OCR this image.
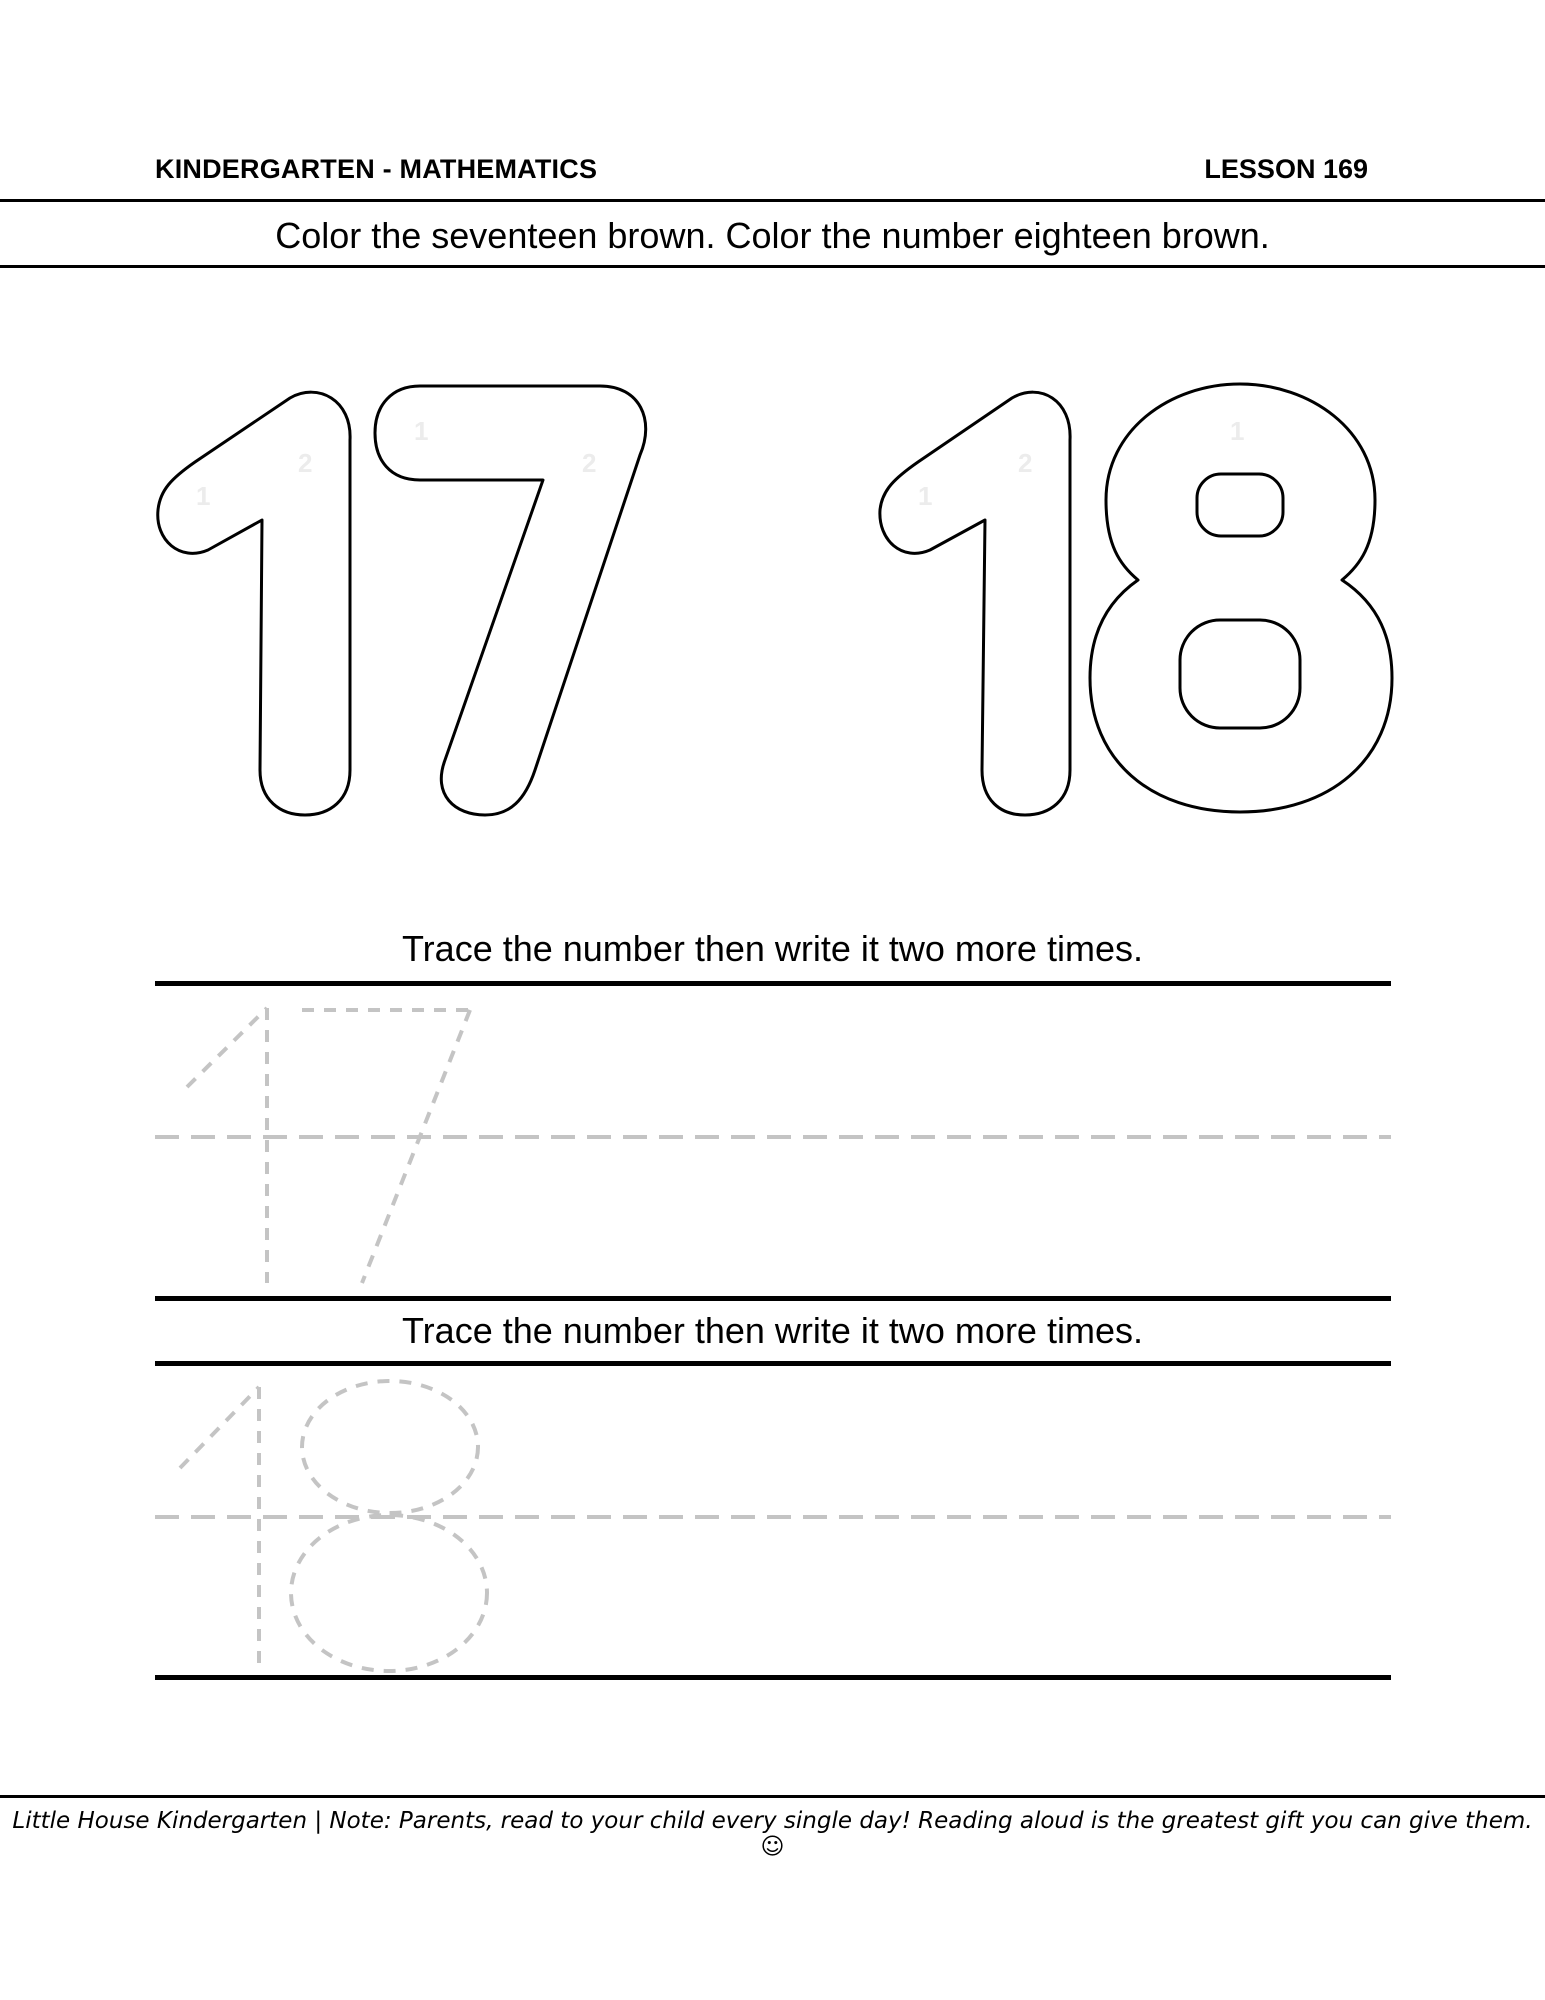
KINDERGARTEN - MATHEMATICS	LESSON 169
Color the seventeen brown. Color the number eighteen brown.
1
2
1
2
1
2
1
Trace the number then write it two more times.
Trace the number then write it two more times.
Little House Kindergarten | Note: Parents, read to your child every single day! Reading aloud is the greatest gift you can give them. ☺
